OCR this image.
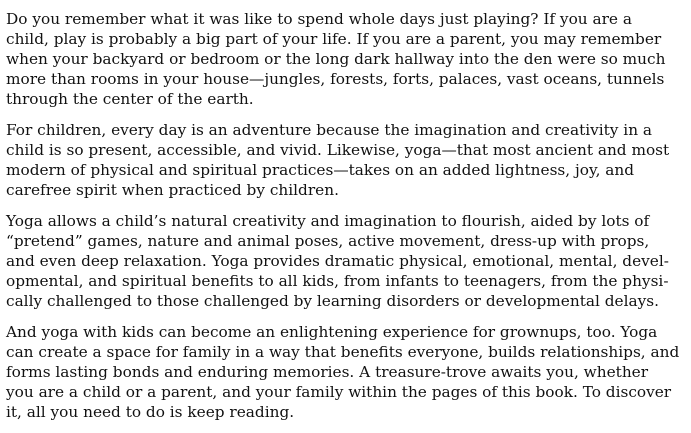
Do you remember what it was like to spend whole days just playing? If you are a
child, play is probably a big part of your life. If you are a parent, you may remember
when your backyard or bedroom or the long dark hallway into the den were so much
more than rooms in your house—jungles, forests, forts, palaces, vast oceans, tunnels
through the center of the earth.

For children, every day is an adventure because the imagination and creativity in a
child is so present, accessible, and vivid. Likewise, yoga—that most ancient and most
modern of physical and spiritual practices—takes on an added lightness, joy, and
carefree spirit when practiced by children.

Yoga allows a child’s natural creativity and imagination to flourish, aided by lots of
“pretend” games, nature and animal poses, active movement, dress-up with props,
and even deep relaxation. Yoga provides dramatic physical, emotional, mental, devel-
opmental, and spiritual benefits to all kids, from infants to teenagers, from the physi-
cally challenged to those challenged by learning disorders or developmental delays.

And yoga with kids can become an enlightening experience for grownups, too. Yoga
can create a space for family in a way that benefits everyone, builds relationships, and
forms lasting bonds and enduring memories. A treasure-trove awaits you, whether
you are a child or a parent, and your family within the pages of this book. To discover
it, all you need to do is keep reading.
